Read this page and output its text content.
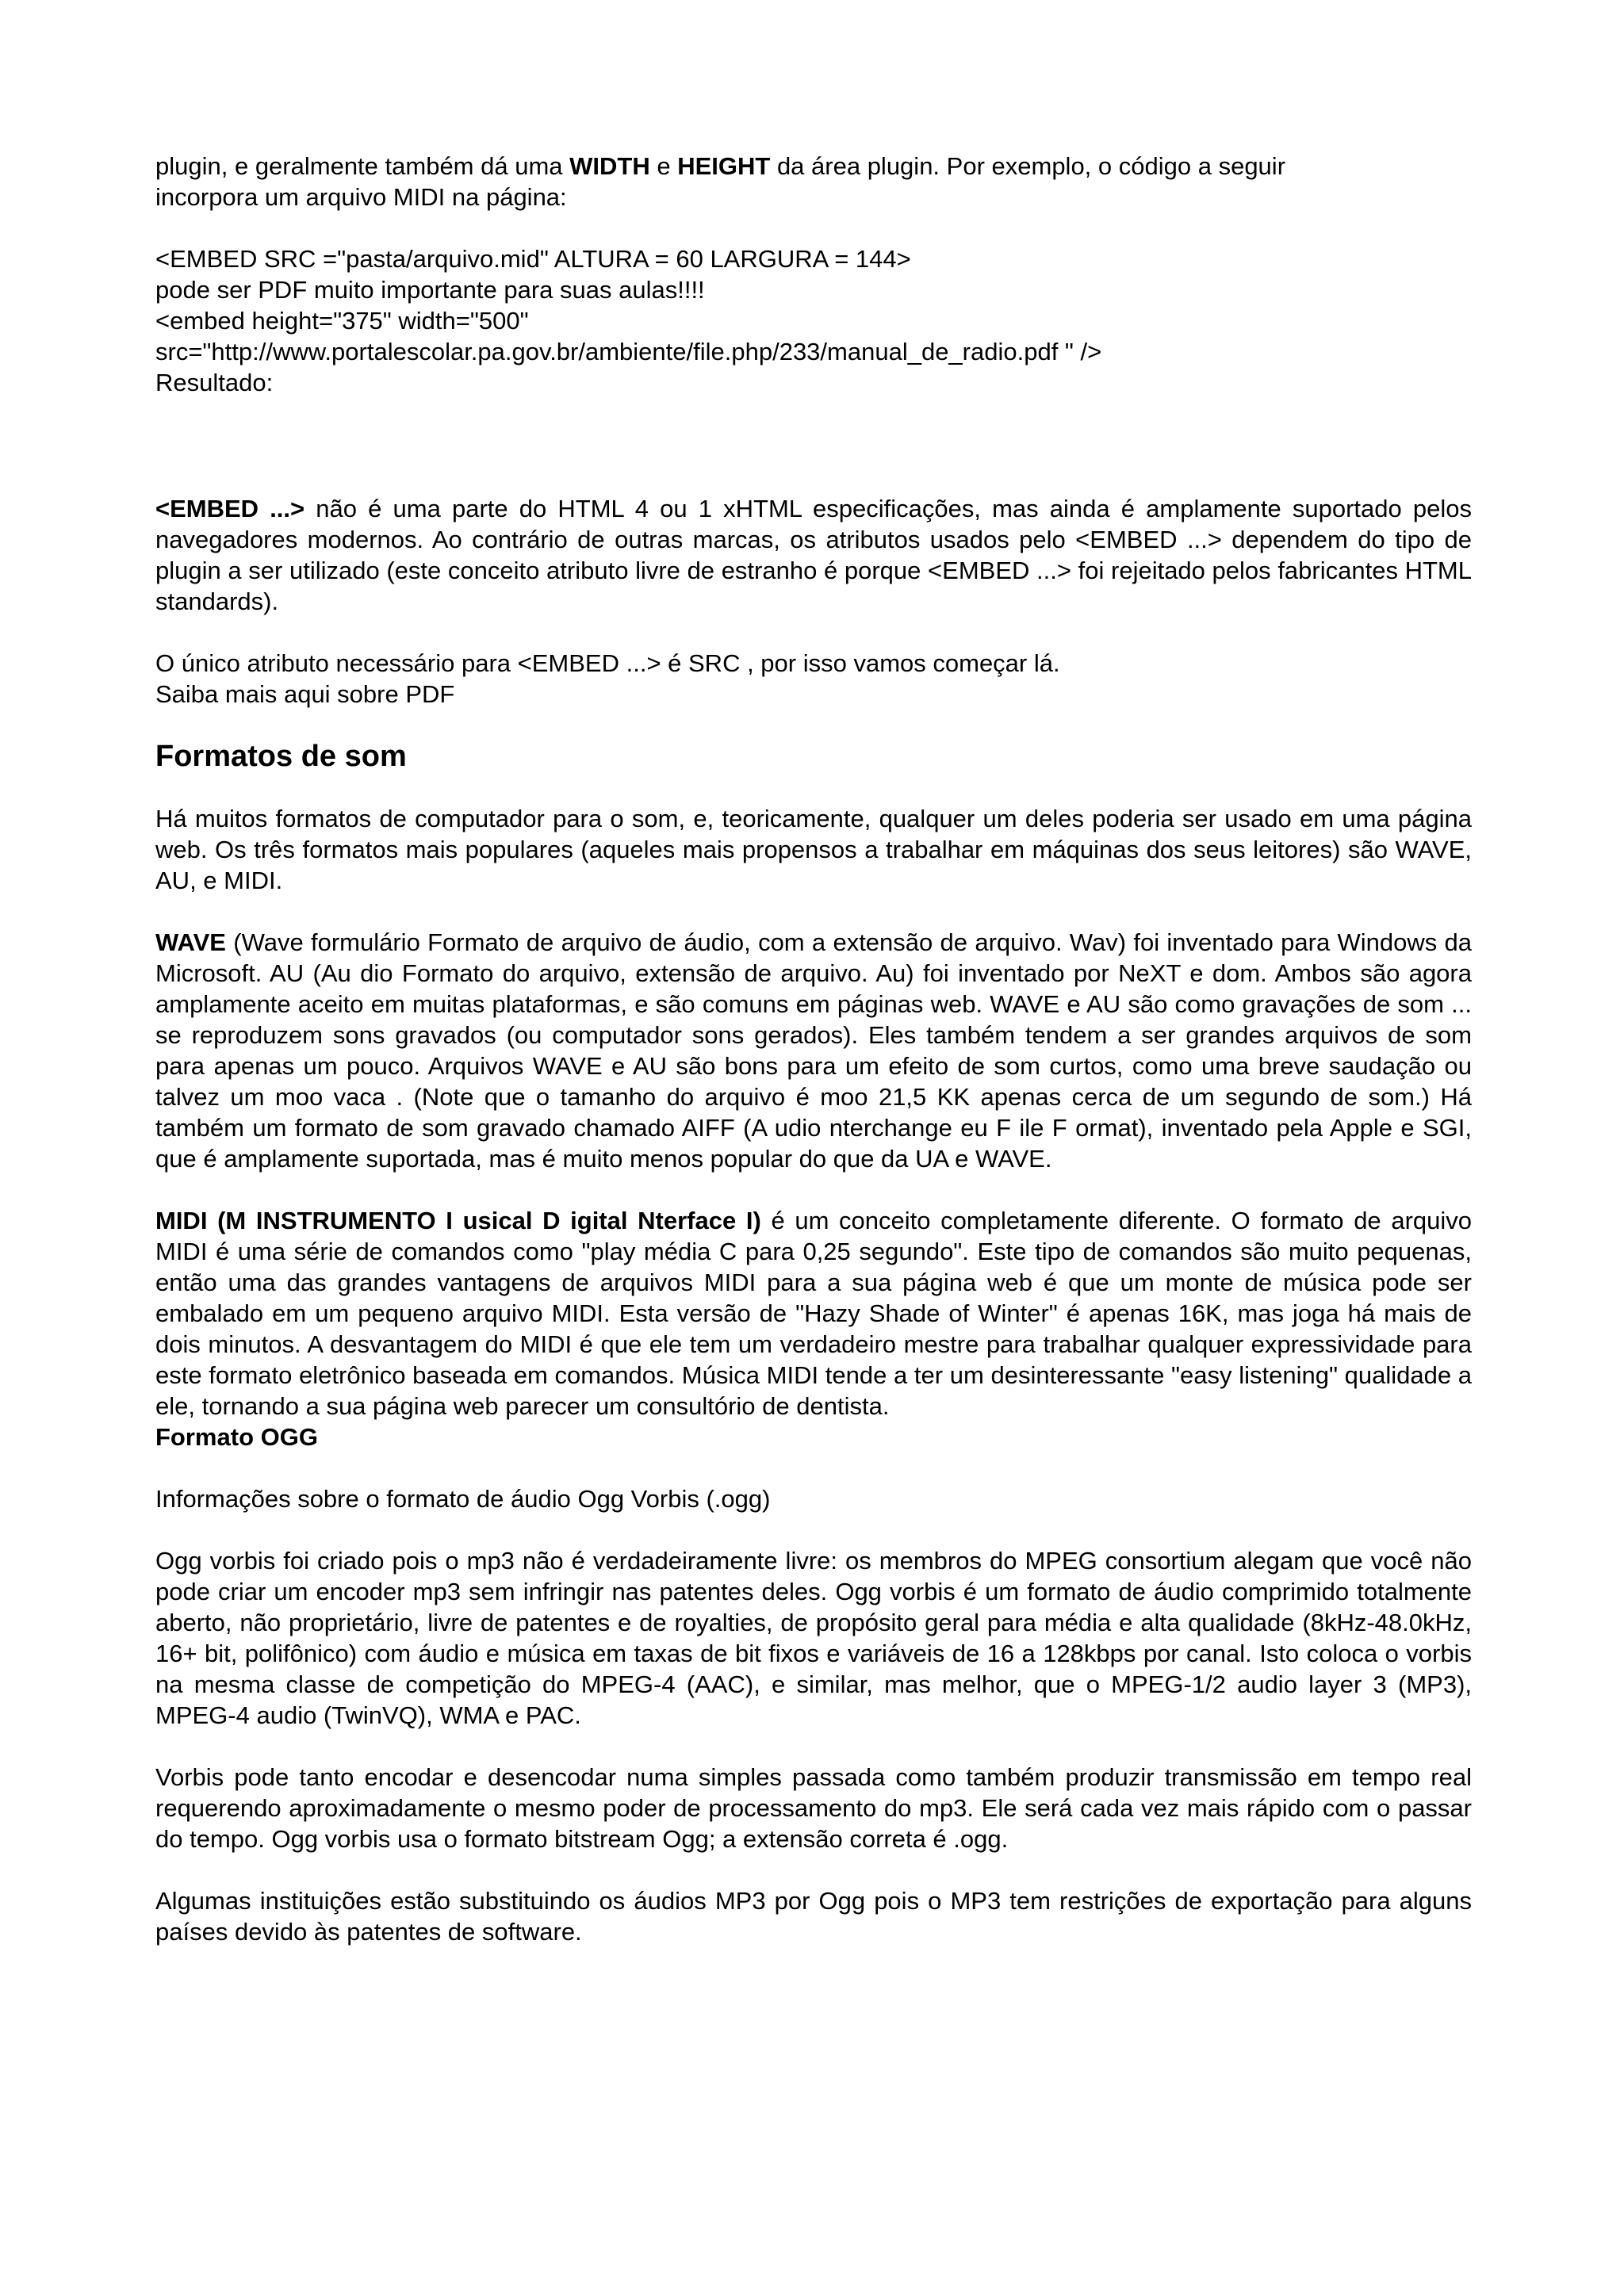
plugin, e geralmente também dá uma WIDTH e HEIGHT da área plugin. Por exemplo, o código a seguir
incorpora um arquivo MIDI na página:

<EMBED SRC ="pasta/arquivo.mid" ALTURA = 60 LARGURA = 144>
pode ser PDF muito importante para suas aulas!!!!
<embed height="375" width="500"
src="http://www.portalescolar.pa.gov.br/ambiente/file.php/233/manual_de_radio.pdf " />
Resultado:

<EMBED ...> não é uma parte do HTML 4 ou 1 xHTML especificações, mas ainda é amplamente suportado pelos navegadores modernos. Ao contrário de outras marcas, os atributos usados pelo <EMBED ...> dependem do tipo de plugin a ser utilizado (este conceito atributo livre de estranho é porque <EMBED ...> foi rejeitado pelos fabricantes HTML standards).

O único atributo necessário para <EMBED ...> é SRC , por isso vamos começar lá.
Saiba mais aqui sobre PDF

Formatos de som

Há muitos formatos de computador para o som, e, teoricamente, qualquer um deles poderia ser usado em uma página web. Os três formatos mais populares (aqueles mais propensos a trabalhar em máquinas dos seus leitores) são WAVE, AU, e MIDI.

WAVE (Wave formulário Formato de arquivo de áudio, com a extensão de arquivo. Wav) foi inventado para Windows da Microsoft. AU (Au dio Formato do arquivo, extensão de arquivo. Au) foi inventado por NeXT e dom. Ambos são agora amplamente aceito em muitas plataformas, e são comuns em páginas web. WAVE e AU são como gravações de som ... se reproduzem sons gravados (ou computador sons gerados). Eles também tendem a ser grandes arquivos de som para apenas um pouco. Arquivos WAVE e AU são bons para um efeito de som curtos, como uma breve saudação ou talvez um moo vaca . (Note que o tamanho do arquivo é moo 21,5 KK apenas cerca de um segundo de som.) Há também um formato de som gravado chamado AIFF (A udio nterchange eu F ile F ormat), inventado pela Apple e SGI, que é amplamente suportada, mas é muito menos popular do que da UA e WAVE.

MIDI (M INSTRUMENTO I usical D igital Nterface I) é um conceito completamente diferente. O formato de arquivo MIDI é uma série de comandos como "play média C para 0,25 segundo". Este tipo de comandos são muito pequenas, então uma das grandes vantagens de arquivos MIDI para a sua página web é que um monte de música pode ser embalado em um pequeno arquivo MIDI. Esta versão de "Hazy Shade of Winter" é apenas 16K, mas joga há mais de dois minutos. A desvantagem do MIDI é que ele tem um verdadeiro mestre para trabalhar qualquer expressividade para este formato eletrônico baseada em comandos. Música MIDI tende a ter um desinteressante "easy listening" qualidade a ele, tornando a sua página web parecer um consultório de dentista.

Formato OGG

Informações sobre o formato de áudio Ogg Vorbis (.ogg)

Ogg vorbis foi criado pois o mp3 não é verdadeiramente livre: os membros do MPEG consortium alegam que você não pode criar um encoder mp3 sem infringir nas patentes deles. Ogg vorbis é um formato de áudio comprimido totalmente aberto, não proprietário, livre de patentes e de royalties, de propósito geral para média e alta qualidade (8kHz-48.0kHz, 16+ bit, polifônico) com áudio e música em taxas de bit fixos e variáveis de 16 a 128kbps por canal. Isto coloca o vorbis na mesma classe de competição do MPEG-4 (AAC), e similar, mas melhor, que o MPEG-1/2 audio layer 3 (MP3), MPEG-4 audio (TwinVQ), WMA e PAC.

Vorbis pode tanto encodar e desencodar numa simples passada como também produzir transmissão em tempo real requerendo aproximadamente o mesmo poder de processamento do mp3. Ele será cada vez mais rápido com o passar do tempo. Ogg vorbis usa o formato bitstream Ogg; a extensão correta é .ogg.

Algumas instituições estão substituindo os áudios MP3 por Ogg pois o MP3 tem restrições de exportação para alguns países devido às patentes de software.
